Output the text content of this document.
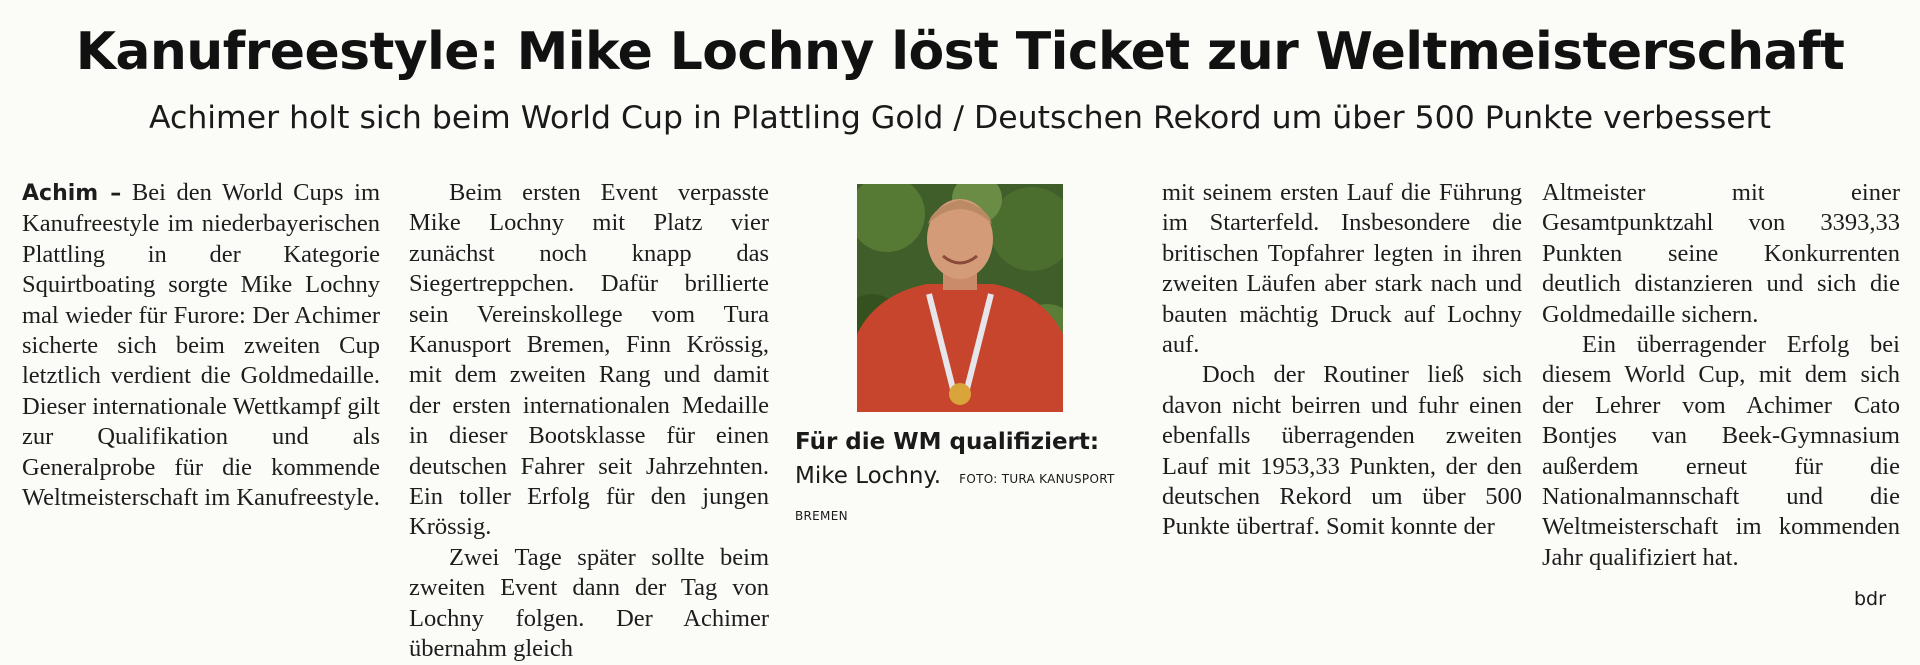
Kanufreestyle: Mike Lochny löst Ticket zur Weltmeisterschaft
Achimer holt sich beim World Cup in Plattling Gold / Deutschen Rekord um über 500 Punkte verbessert

Achim – Bei den World Cups im Kanufreestyle im niederbayerischen Plattling in der Kategorie Squirtboating sorgte Mike Lochny mal wieder für Furore: Der Achimer sicherte sich beim zweiten Cup letztlich verdient die Goldmedaille. Dieser internationale Wettkampf gilt zur Qualifikation und als Generalprobe für die kommende Weltmeisterschaft im Kanufreestyle.

Beim ersten Event verpasste Mike Lochny mit Platz vier zunächst noch knapp das Siegertreppchen. Dafür brillierte sein Vereinskollege vom Tura Kanusport Bremen, Finn Krössig, mit dem zweiten Rang und damit der ersten internationalen Medaille in dieser Bootsklasse für einen deutschen Fahrer seit Jahrzehnten. Ein toller Erfolg für den jungen Krössig.

Zwei Tage später sollte beim zweiten Event dann der Tag von Lochny folgen. Der Achimer übernahm gleich

Für die WM qualifiziert: Mike Lochny. FOTO: TURA KANUSPORT BREMEN

mit seinem ersten Lauf die Führung im Starterfeld. Insbesondere die britischen Topfahrer legten in ihren zweiten Läufen aber stark nach und bauten mächtig Druck auf Lochny auf.

Doch der Routiner ließ sich davon nicht beirren und fuhr einen ebenfalls überragenden zweiten Lauf mit 1953,33 Punkten, der den deutschen Rekord um über 500 Punkte übertraf. Somit konnte der

Altmeister mit einer Gesamtpunktzahl von 3393,33 Punkten seine Konkurrenten deutlich distanzieren und sich die Goldmedaille sichern.

Ein überragender Erfolg bei diesem World Cup, mit dem sich der Lehrer vom Achimer Cato Bontjes van Beek-Gymnasium außerdem erneut für die Nationalmannschaft und die Weltmeisterschaft im kommenden Jahr qualifiziert hat.

bdr
